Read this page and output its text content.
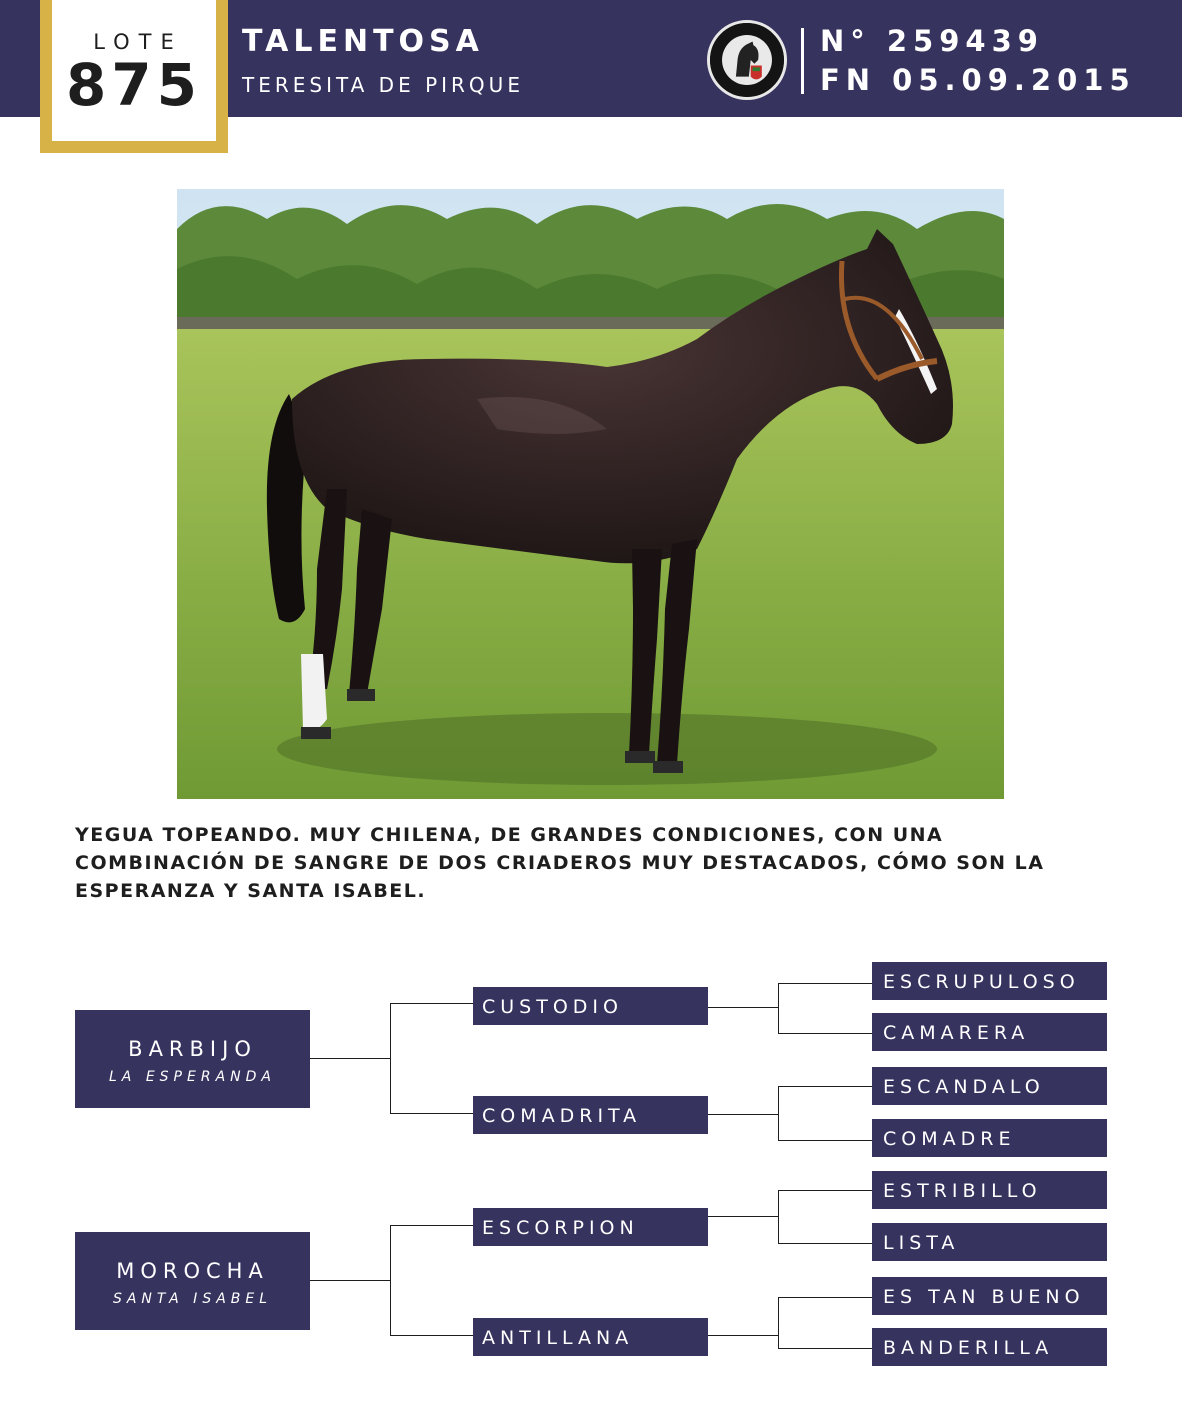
LOTE
875
TALENTOSA
TERESITA DE PIRQUE
N° 259439
FN 05.09.2015
YEGUA TOPEANDO. MUY CHILENA, DE GRANDES CONDICIONES, CON UNA COMBINACIÓN DE SANGRE DE DOS CRIADEROS MUY DESTACADOS, CÓMO SON LA ESPERANZA Y SANTA ISABEL.
BARBIJO
LA ESPERANDA
MOROCHA
SANTA ISABEL
CUSTODIO
COMADRITA
ESCORPION
ANTILLANA
ESCRUPULOSO
CAMARERA
ESCANDALO
COMADRE
ESTRIBILLO
LISTA
ES TAN BUENO
BANDERILLA
